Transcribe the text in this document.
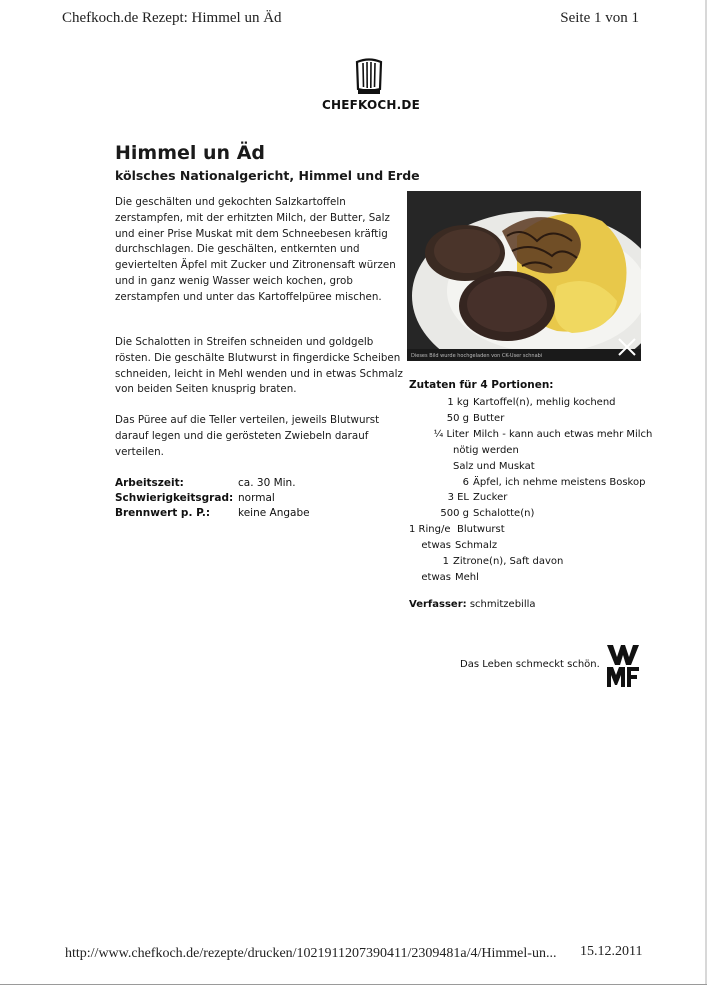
Chefkoch.de Rezept: Himmel un Äd	Seite 1 von 1
CHEFKOCH.DE
Himmel un Äd
kölsches Nationalgericht, Himmel und Erde
Die geschälten und gekochten Salzkartoffeln zerstampfen, mit der erhitzten Milch, der Butter, Salz und einer Prise Muskat mit dem Schneebesen kräftig durchschlagen. Die geschälten, entkernten und geviertelten Äpfel mit Zucker und Zitronensaft würzen und in ganz wenig Wasser weich kochen, grob zerstampfen und unter das Kartoffelpüree mischen.
Die Schalotten in Streifen schneiden und goldgelb rösten. Die geschälte Blutwurst in fingerdicke Scheiben schneiden, leicht in Mehl wenden und in etwas Schmalz von beiden Seiten knusprig braten.
Das Püree auf die Teller verteilen, jeweils Blutwurst darauf legen und die gerösteten Zwiebeln darauf verteilen.
Arbeitszeit:	ca. 30 Min.
Schwierigkeitsgrad: normal
Brennwert p. P.:	keine Angabe
Dieses Bild wurde hochgeladen von CK-User schnabi
Zutaten für 4 Portionen:
1 kg Kartoffel(n), mehlig kochend
50 g Butter
¼ Liter Milch - kann auch etwas mehr Milch
nötig werden
Salz und Muskat
6 Äpfel, ich nehme meistens Boskop
3 EL Zucker
500 g Schalotte(n)
1 Ring/e Blutwurst
etwas Schmalz
1 Zitrone(n), Saft davon
etwas Mehl
Verfasser: schmitzebilla
Das Leben schmeckt schön.
http://www.chefkoch.de/rezepte/drucken/1021911207390411/2309481a/4/Himmel-un... 15.12.2011
